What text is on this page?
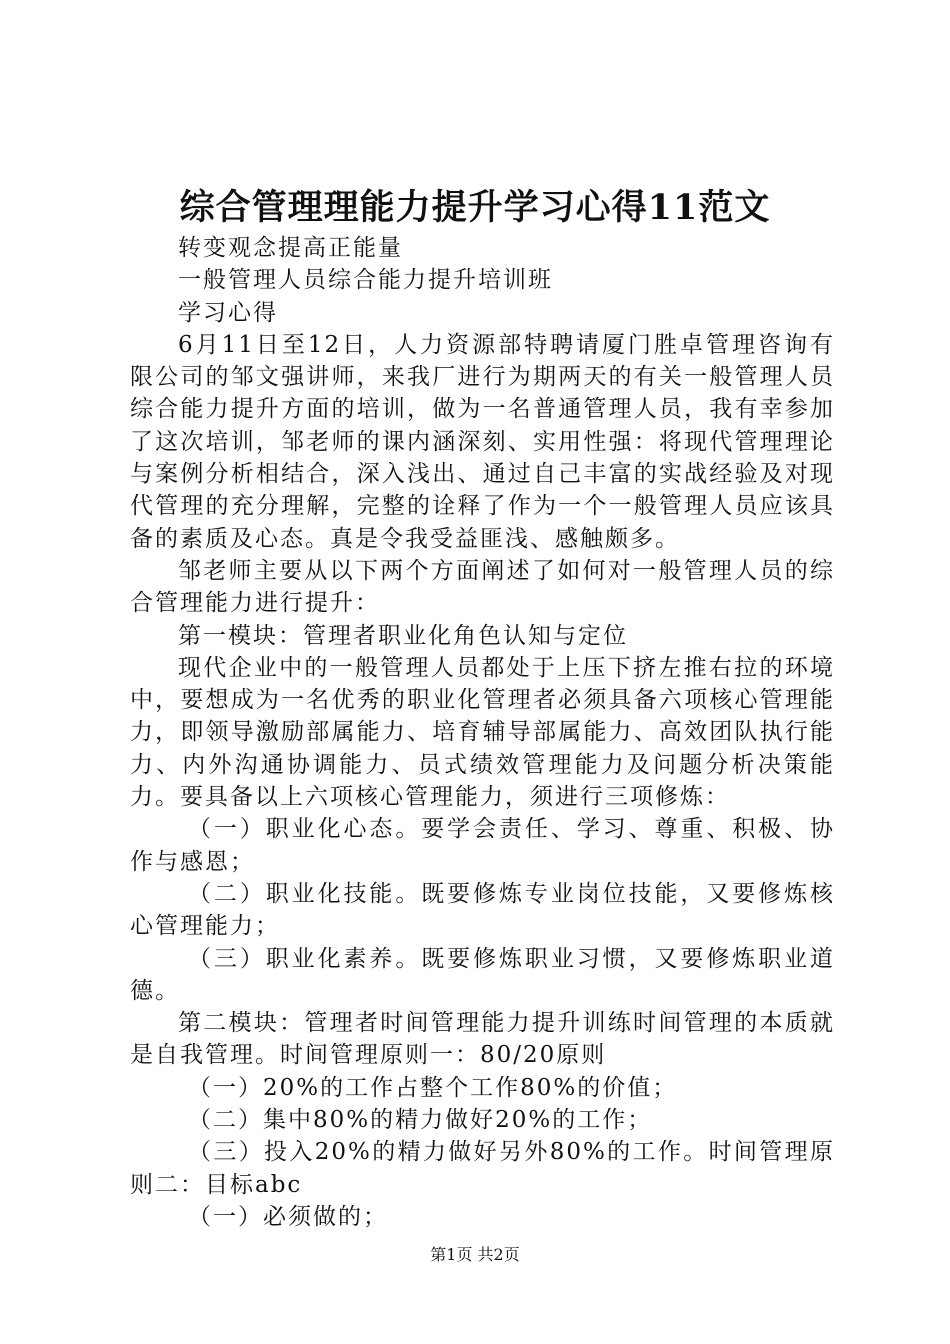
综合管理理能力提升学习心得11范文

转变观念提高正能量

一般管理人员综合能力提升培训班

学习心得

6月11日至12日，人力资源部特聘请厦门胜卓管理咨询有限公司的邹文强讲师，来我厂进行为期两天的有关一般管理人员综合能力提升方面的培训，做为一名普通管理人员，我有幸参加了这次培训，邹老师的课内涵深刻、实用性强：将现代管理理论与案例分析相结合，深入浅出、通过自己丰富的实战经验及对现代管理的充分理解，完整的诠释了作为一个一般管理人员应该具备的素质及心态。真是令我受益匪浅、感触颇多。

邹老师主要从以下两个方面阐述了如何对一般管理人员的综合管理能力进行提升：

第一模块：管理者职业化角色认知与定位

现代企业中的一般管理人员都处于上压下挤左推右拉的环境中，要想成为一名优秀的职业化管理者必须具备六项核心管理能力，即领导激励部属能力、培育辅导部属能力、高效团队执行能力、内外沟通协调能力、员式绩效管理能力及问题分析决策能力。要具备以上六项核心管理能力，须进行三项修炼：

（一）职业化心态。要学会责任、学习、尊重、积极、协作与感恩；

（二）职业化技能。既要修炼专业岗位技能，又要修炼核心管理能力；

（三）职业化素养。既要修炼职业习惯，又要修炼职业道德。

第二模块：管理者时间管理能力提升训练时间管理的本质就是自我管理。时间管理原则一：80/20原则

（一）20%的工作占整个工作80%的价值；

（二）集中80%的精力做好20%的工作；

（三）投入20%的精力做好另外80%的工作。时间管理原则二：目标abc

（一）必须做的；

第1页 共2页
